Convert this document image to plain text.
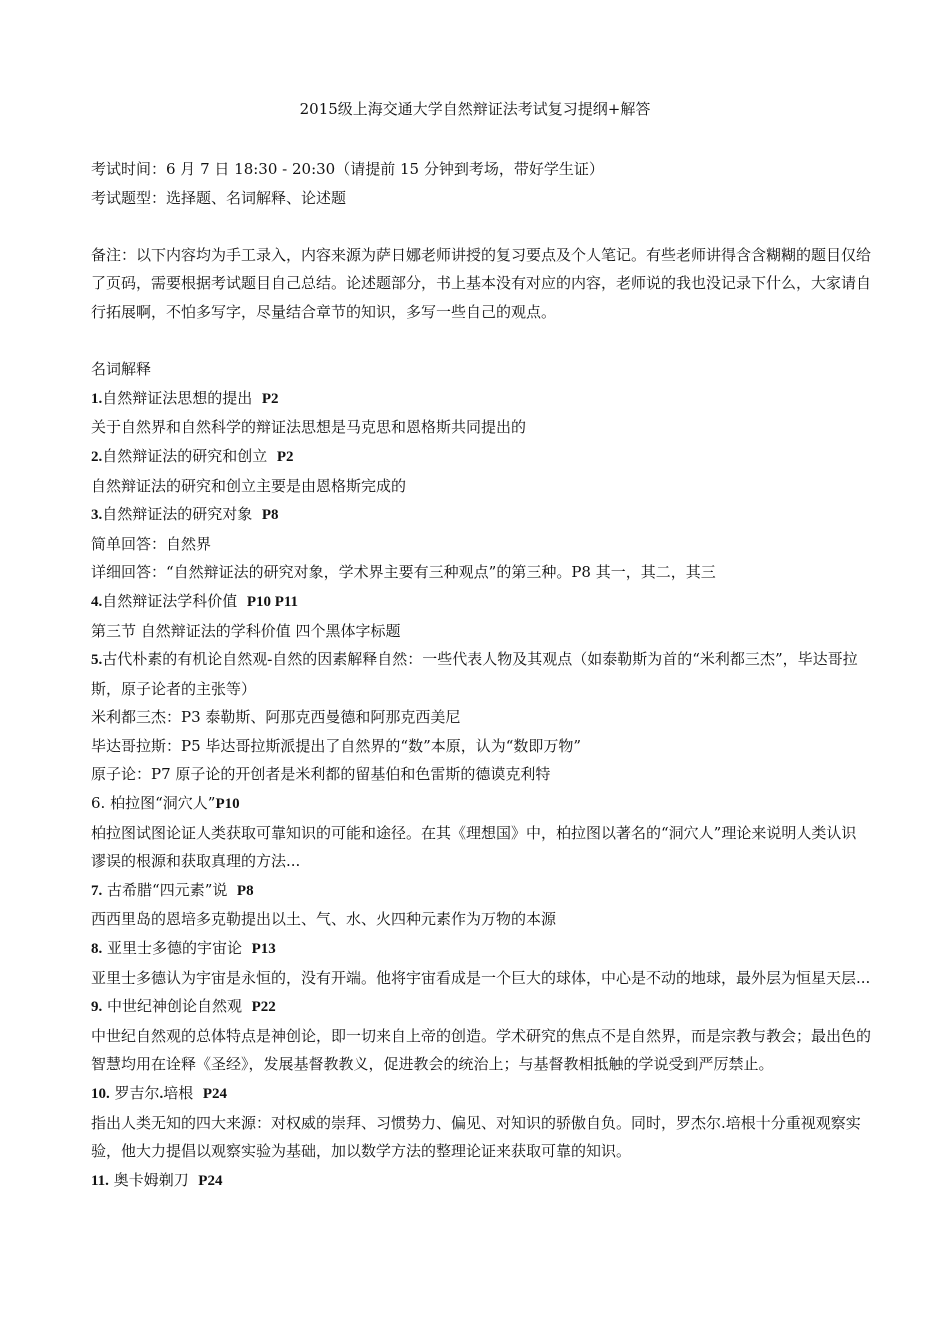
2015级上海交通大学自然辩证法考试复习提纲+解答

考试时间：6 月 7 日 18:30 - 20:30（请提前 15 分钟到考场，带好学生证）

考试题型：选择题、名词解释、论述题

备注：以下内容均为手工录入，内容来源为萨日娜老师讲授的复习要点及个人笔记。有些老师讲得含含糊糊的题目仅给了页码，需要根据考试题目自己总结。论述题部分，书上基本没有对应的内容，老师说的我也没记录下什么，大家请自行拓展啊，不怕多写字，尽量结合章节的知识，多写一些自己的观点。

名词解释

1.自然辩证法思想的提出 P2

关于自然界和自然科学的辩证法思想是马克思和恩格斯共同提出的

2.自然辩证法的研究和创立 P2

自然辩证法的研究和创立主要是由恩格斯完成的

3.自然辩证法的研究对象 P8

简单回答：自然界

详细回答：“自然辩证法的研究对象，学术界主要有三种观点”的第三种。P8 其一，其二，其三

4.自然辩证法学科价值 P10 P11

第三节 自然辩证法的学科价值 四个黑体字标题

5.古代朴素的有机论自然观-自然的因素解释自然：一些代表人物及其观点（如泰勒斯为首的“米利都三杰”，毕达哥拉斯，原子论者的主张等）

米利都三杰：P3 泰勒斯、阿那克西曼德和阿那克西美尼

毕达哥拉斯：P5 毕达哥拉斯派提出了自然界的“数”本原，认为“数即万物”

原子论：P7 原子论的开创者是米利都的留基伯和色雷斯的德谟克利特

6. 柏拉图“洞穴人”P10

柏拉图试图论证人类获取可靠知识的可能和途径。在其《理想国》中，柏拉图以著名的“洞穴人”理论来说明人类认识谬误的根源和获取真理的方法...

7. 古希腊“四元素”说 P8

西西里岛的恩培多克勒提出以土、气、水、火四种元素作为万物的本源

8. 亚里士多德的宇宙论 P13

亚里士多德认为宇宙是永恒的，没有开端。他将宇宙看成是一个巨大的球体，中心是不动的地球，最外层为恒星天层...

9. 中世纪神创论自然观 P22

中世纪自然观的总体特点是神创论，即一切来自上帝的创造。学术研究的焦点不是自然界，而是宗教与教会；最出色的智慧均用在诠释《圣经》，发展基督教教义，促进教会的统治上；与基督教相抵触的学说受到严厉禁止。

10. 罗吉尔.培根 P24

指出人类无知的四大来源：对权威的崇拜、习惯势力、偏见、对知识的骄傲自负。同时，罗杰尔.培根十分重视观察实验，他大力提倡以观察实验为基础，加以数学方法的整理论证来获取可靠的知识。

11. 奥卡姆剃刀 P24
